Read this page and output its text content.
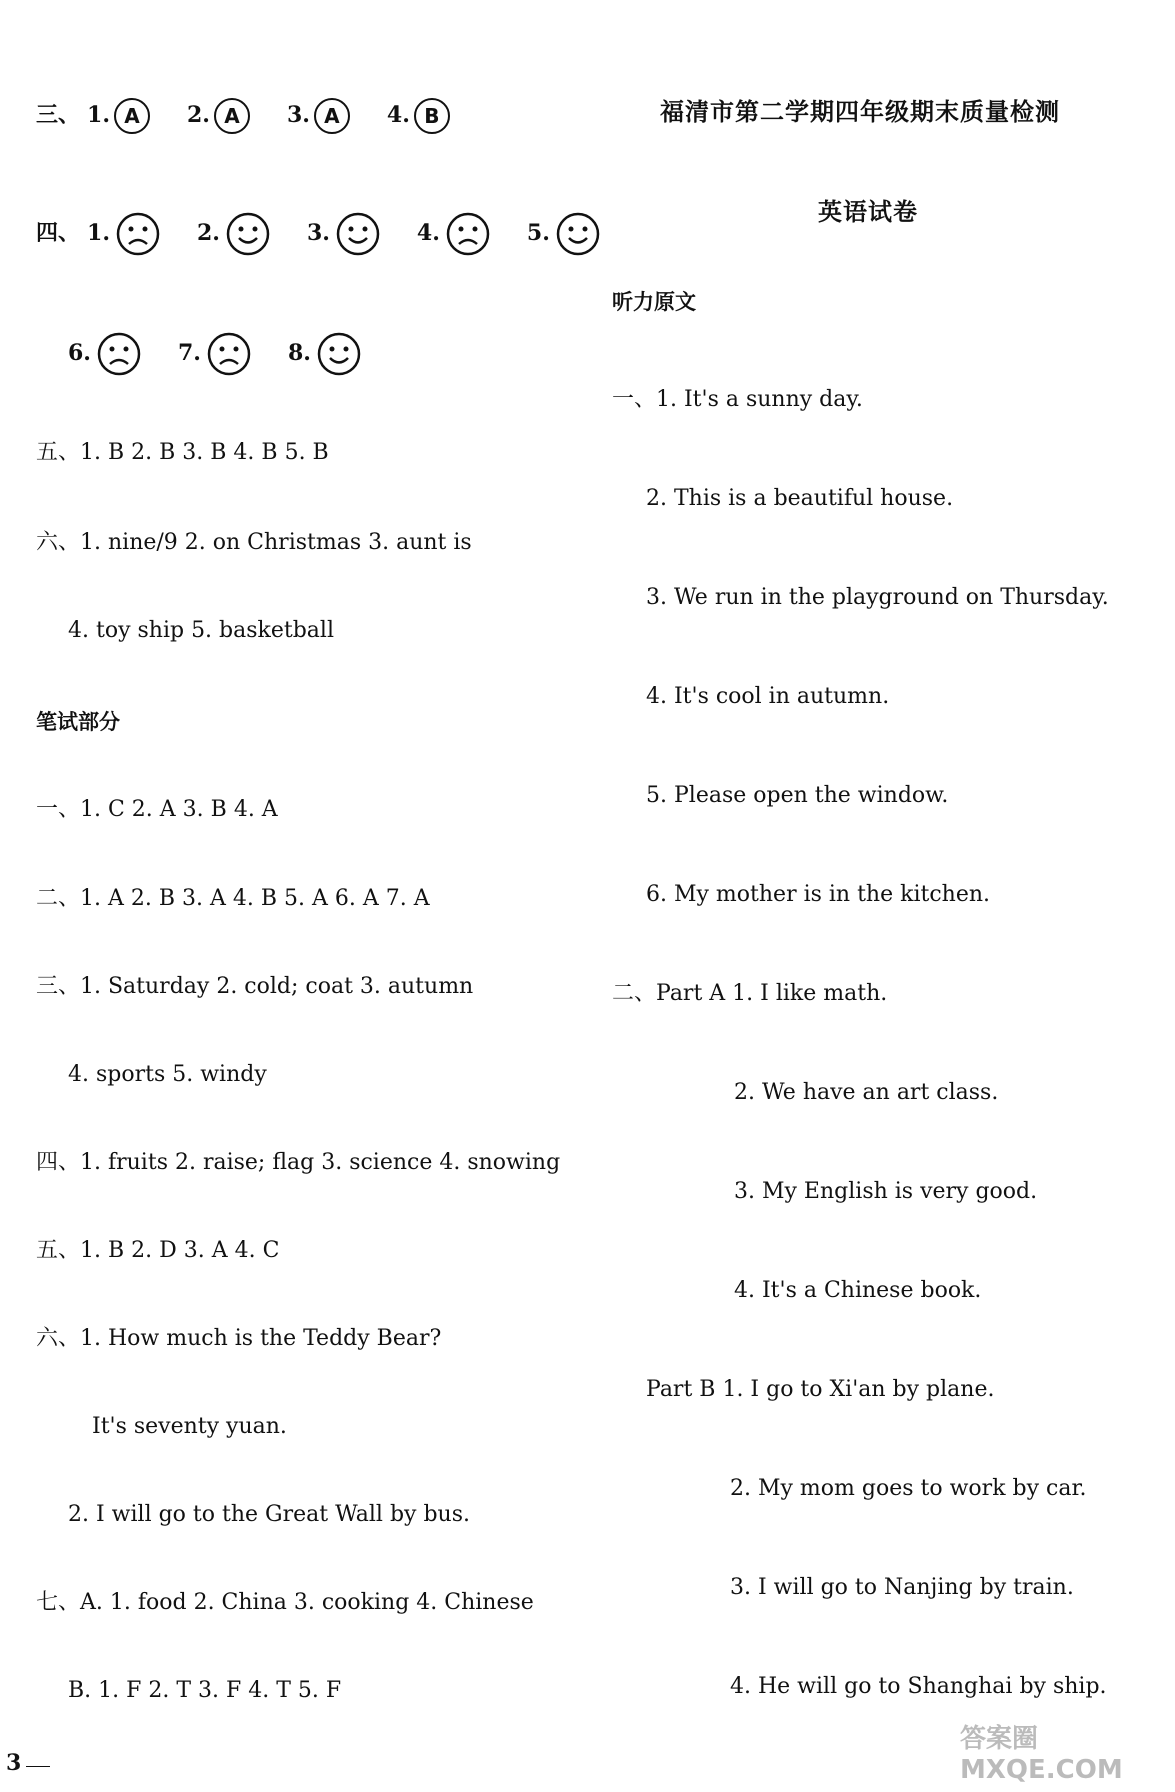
三、 1. A 2. A 3. A 4. B
四、 1.	2.	3.	4.	5.
6.	7.	8.
五、1. B 2. B 3. B 4. B 5. B
六、1. nine/9 2. on Christmas 3. aunt is
4. toy ship 5. basketball
笔试部分
一、1. C 2. A 3. B 4. A
二、1. A 2. B 3. A 4. B 5. A 6. A 7. A
三、1. Saturday 2. cold; coat 3. autumn
4. sports 5. windy
四、1. fruits 2. raise; flag 3. science 4. snowing
五、1. B 2. D 3. A 4. C
六、1. How much is the Teddy Bear?
It's seventy yuan.
2. I will go to the Great Wall by bus.
七、A. 1. food 2. China 3. cooking 4. Chinese
B. 1. F 2. T 3. F 4. T 5. F
福清市第二学期四年级期末质量检测
英语试卷
听力原文
一、1. It's a sunny day.
2. This is a beautiful house.
3. We run in the playground on Thursday.
4. It's cool in autumn.
5. Please open the window.
6. My mother is in the kitchen.
二、Part A 1. I like math.
2. We have an art class.
3. My English is very good.
4. It's a Chinese book.
Part B 1. I go to Xi'an by plane.
2. My mom goes to work by car.
3. I will go to Nanjing by train.
4. He will go to Shanghai by ship.
3
答案圈 MXQE.COM
